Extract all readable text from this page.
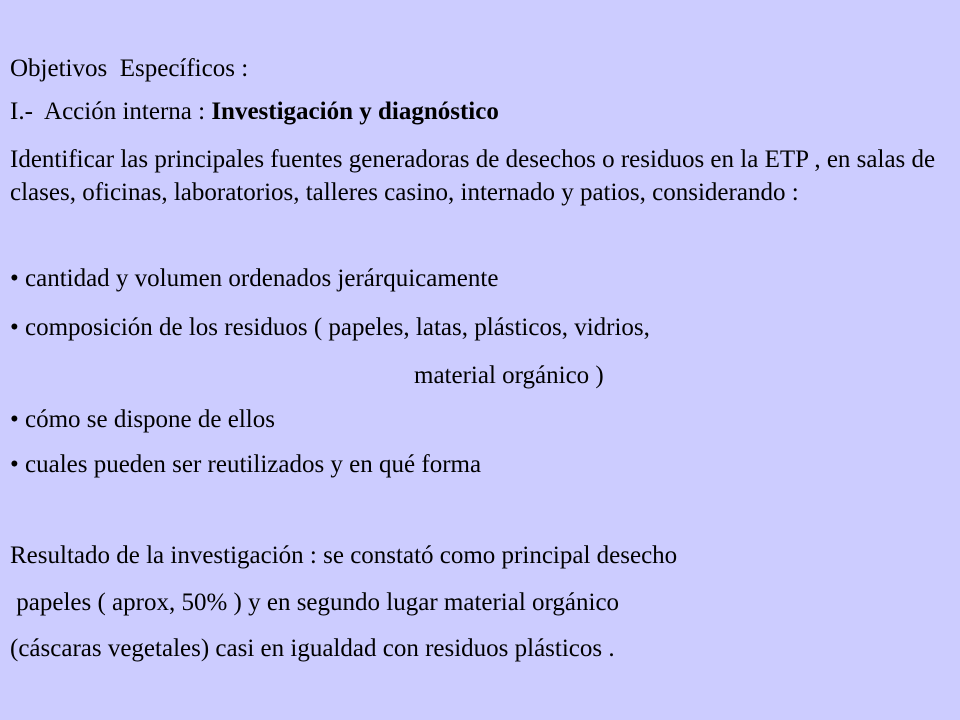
Objetivos  Específicos :
I.-  Acción interna : Investigación y diagnóstico
Identificar las principales fuentes generadoras de desechos o residuos en la ETP , en salas de clases, oficinas, laboratorios, talleres casino, internado y patios, considerando :
• cantidad y volumen ordenados jerárquicamente
• composición de los residuos ( papeles, latas, plásticos, vidrios,
material orgánico )
• cómo se dispone de ellos
• cuales pueden ser reutilizados y en qué forma
Resultado de la investigación : se constató como principal desecho
papeles ( aprox, 50% ) y en segundo lugar material orgánico
(cáscaras vegetales) casi en igualdad con residuos plásticos .
